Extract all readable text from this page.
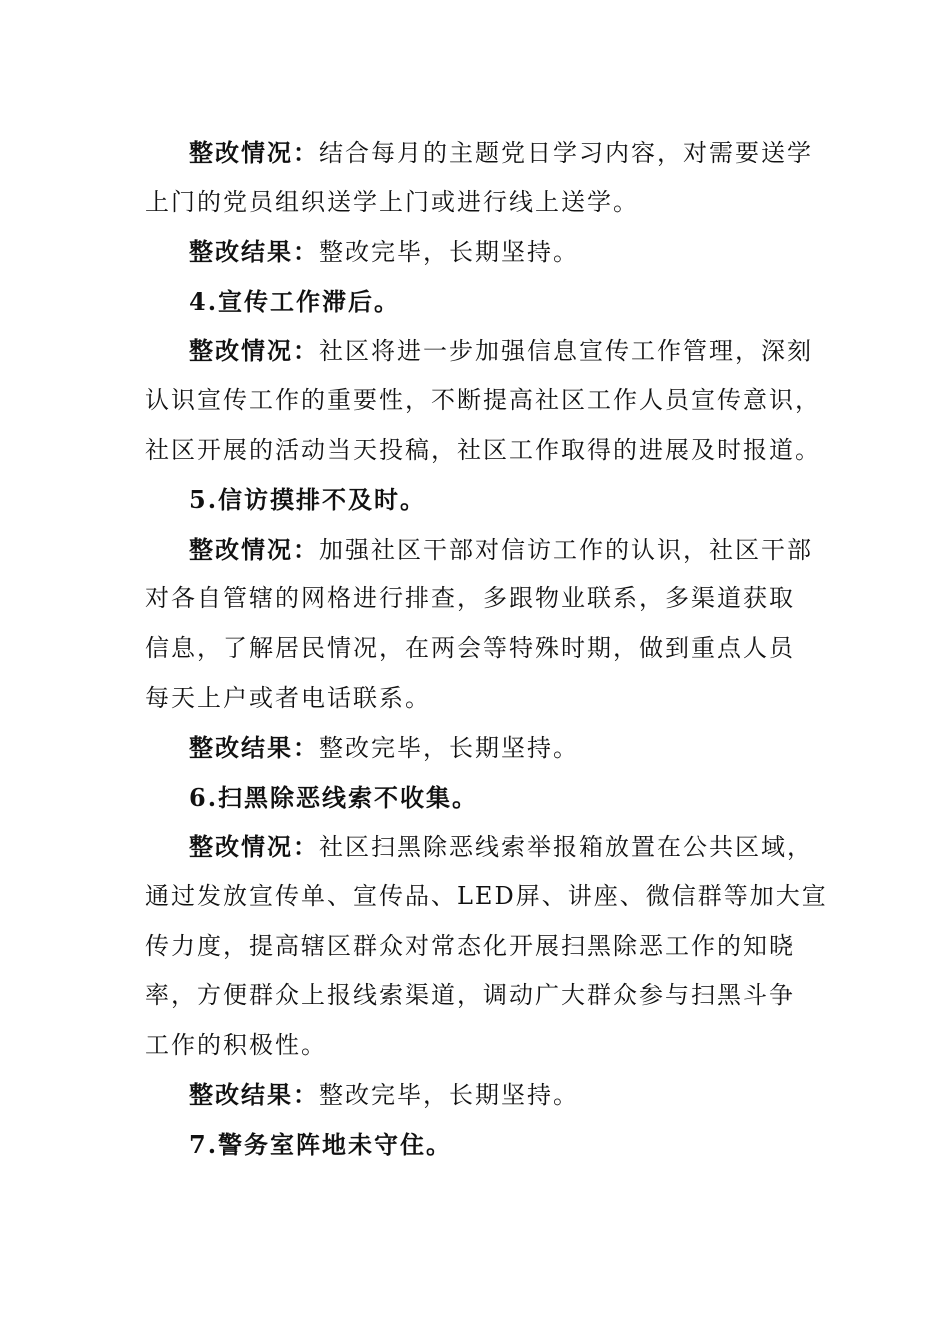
整改情况：结合每月的主题党日学习内容，对需要送学
上门的党员组织送学上门或进行线上送学。
整改结果：整改完毕，长期坚持。
4.宣传工作滞后。
整改情况：社区将进一步加强信息宣传工作管理，深刻
认识宣传工作的重要性，不断提高社区工作人员宣传意识，
社区开展的活动当天投稿，社区工作取得的进展及时报道。
5.信访摸排不及时。
整改情况：加强社区干部对信访工作的认识，社区干部
对各自管辖的网格进行排查，多跟物业联系，多渠道获取
信息，了解居民情况，在两会等特殊时期，做到重点人员
每天上户或者电话联系。
整改结果：整改完毕，长期坚持。
6.扫黑除恶线索不收集。
整改情况：社区扫黑除恶线索举报箱放置在公共区域，
通过发放宣传单、宣传品、LED屏、讲座、微信群等加大宣
传力度，提高辖区群众对常态化开展扫黑除恶工作的知晓
率，方便群众上报线索渠道，调动广大群众参与扫黑斗争
工作的积极性。
整改结果：整改完毕，长期坚持。
7.警务室阵地未守住。
